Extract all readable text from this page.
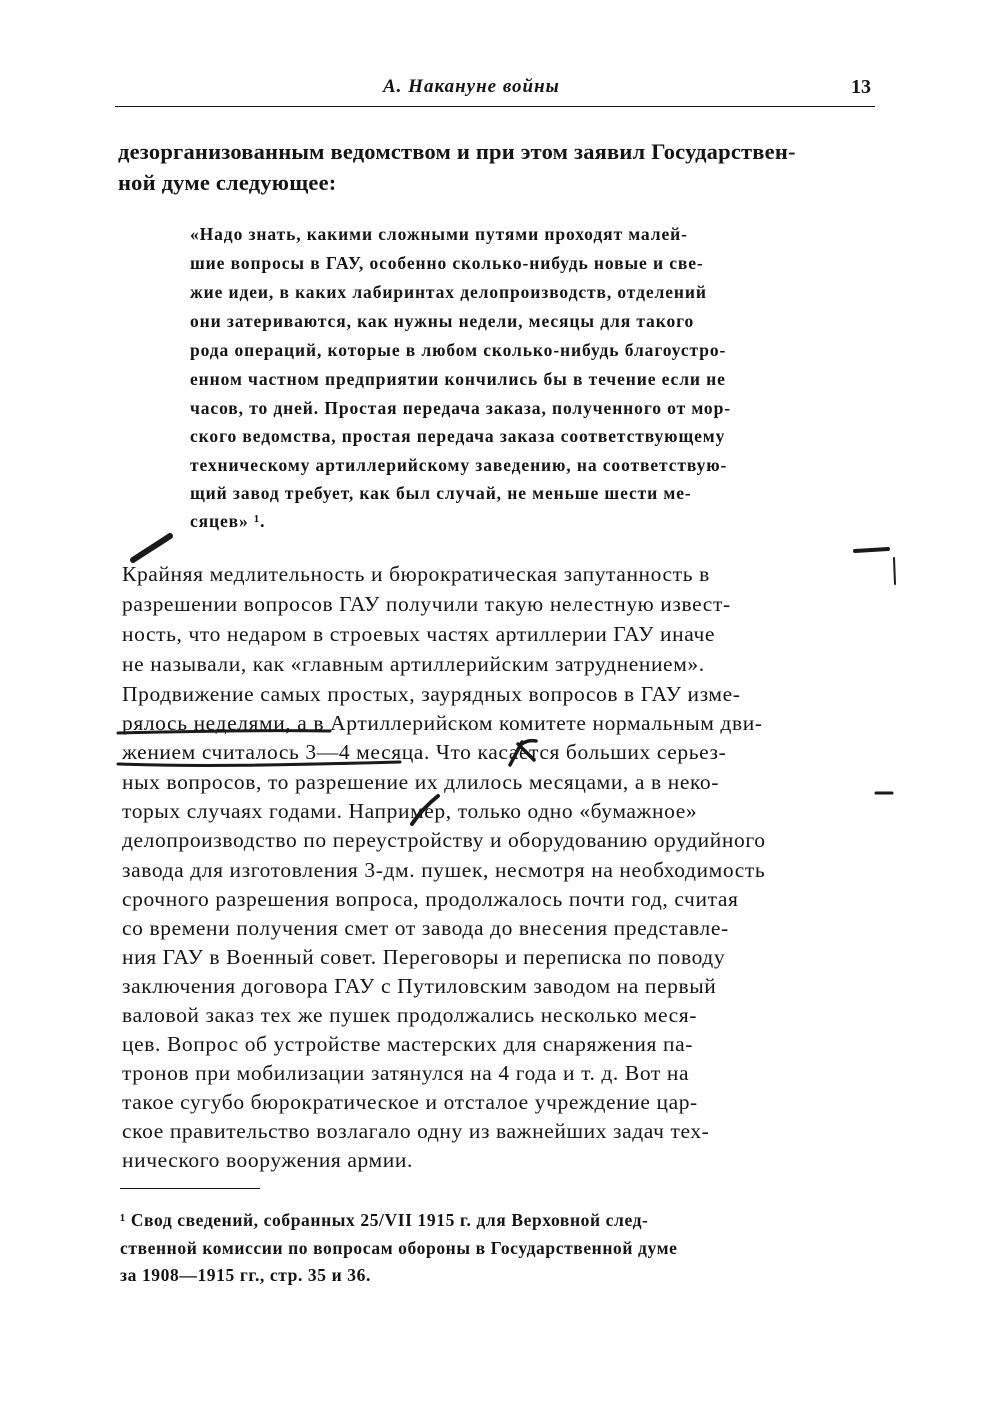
А. Накануне войны	13
дезорганизованным ведомством и при этом заявил Государствен-
ной думе следующее:
«Надо знать, какими сложными путями проходят малей-
шие вопросы в ГАУ, особенно сколько-нибудь новые и све-
жие идеи, в каких лабиринтах делопроизводств, отделений
они затериваются, как нужны недели, месяцы для такого
рода операций, которые в любом сколько-нибудь благоустро-
енном частном предприятии кончились бы в течение если не
часов, то дней. Простая передача заказа, полученного от мор-
ского ведомства, простая передача заказа соответствующему
техническому артиллерийскому заведению, на соответствую-
щий завод требует, как был случай, не меньше шести ме-
сяцев» ¹.
Крайняя медлительность и бюрократическая запутанность в
разрешении вопросов ГАУ получили такую нелестную извест-
ность, что недаром в строевых частях артиллерии ГАУ иначе
не называли, как «главным артиллерийским затруднением».
Продвижение самых простых, заурядных вопросов в ГАУ изме-
рялось неделями, а в Артиллерийском комитете нормальным дви-
жением считалось 3—4 месяца. Что касается больших серьез-
ных вопросов, то разрешение их длилось месяцами, а в неко-
торых случаях годами. Например, только одно «бумажное»
делопроизводство по переустройству и оборудованию орудийного
завода для изготовления 3-дм. пушек, несмотря на необходимость
срочного разрешения вопроса, продолжалось почти год, считая
со времени получения смет от завода до внесения представле-
ния ГАУ в Военный совет. Переговоры и переписка по поводу
заключения договора ГАУ с Путиловским заводом на первый
валовой заказ тех же пушек продолжались несколько меся-
цев. Вопрос об устройстве мастерских для снаряжения па-
тронов при мобилизации затянулся на 4 года и т. д. Вот на
такое сугубо бюрократическое и отсталое учреждение цар-
ское правительство возлагало одну из важнейших задач тех-
нического вооружения армии.
¹ Свод сведений, собранных 25/VII 1915 г. для Верховной след-
ственной комиссии по вопросам обороны в Государственной думе
за 1908—1915 гг., стр. 35 и 36.
